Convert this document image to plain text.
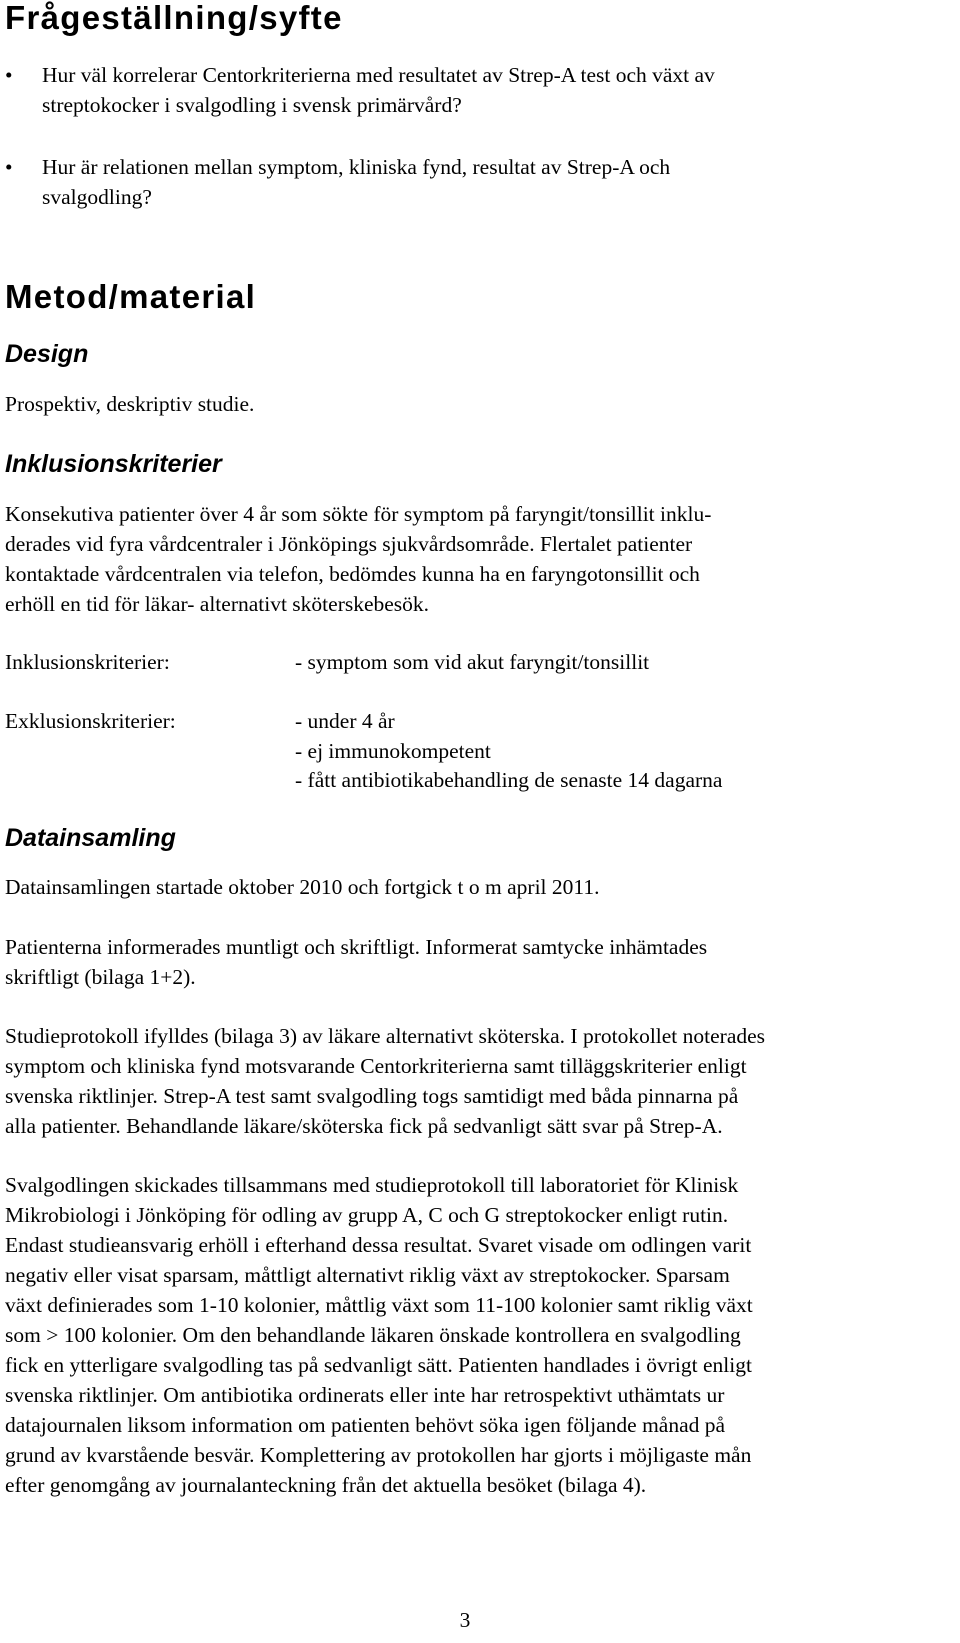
Frågeställning/syfte
• Hur väl korrelerar Centorkriterierna med resultatet av Strep-A test och växt av

streptokocker i svalgodling i svensk primärvård?

• Hur är relationen mellan symptom, kliniska fynd, resultat av Strep-A och

svalgodling?

Metod/material
Design

Prospektiv, deskriptiv studie.

Inklusionskriterier

Konsekutiva patienter över 4 år som sökte för symptom på faryngit/tonsillit inklu-

derades vid fyra vårdcentraler i Jönköpings sjukvårdsområde. Flertalet patienter

kontaktade vårdcentralen via telefon, bedömdes kunna ha en faryngotonsillit och

erhöll en tid för läkar- alternativt sköterskebesök.

Inklusionskriterier:	- symptom som vid akut faryngit/tonsillit
Exklusionskriterier:	- under 4 år
- ej immunokompetent
- fått antibiotikabehandling de senaste 14 dagarna
Datainsamling

Datainsamlingen startade oktober 2010 och fortgick t o m april 2011.

Patienterna informerades muntligt och skriftligt. Informerat samtycke inhämtades

skriftligt (bilaga 1+2).

Studieprotokoll ifylldes (bilaga 3) av läkare alternativt sköterska. I protokollet noterades

symptom och kliniska fynd motsvarande Centorkriterierna samt tilläggskriterier enligt

svenska riktlinjer. Strep-A test samt svalgodling togs samtidigt med båda pinnarna på

alla patienter. Behandlande läkare/sköterska fick på sedvanligt sätt svar på Strep-A.

Svalgodlingen skickades tillsammans med studieprotokoll till laboratoriet för Klinisk

Mikrobiologi i Jönköping för odling av grupp A, C och G streptokocker enligt rutin.

Endast studieansvarig erhöll i efterhand dessa resultat. Svaret visade om odlingen varit

negativ eller visat sparsam, måttligt alternativt riklig växt av streptokocker. Sparsam

växt definierades som 1-10 kolonier, måttlig växt som 11-100 kolonier samt riklig växt

som > 100 kolonier. Om den behandlande läkaren önskade kontrollera en svalgodling

fick en ytterligare svalgodling tas på sedvanligt sätt. Patienten handlades i övrigt enligt

svenska riktlinjer. Om antibiotika ordinerats eller inte har retrospektivt uthämtats ur

datajournalen liksom information om patienten behövt söka igen följande månad på

grund av kvarstående besvär. Komplettering av protokollen har gjorts i möjligaste mån

efter genomgång av journalanteckning från det aktuella besöket (bilaga 4).

3
